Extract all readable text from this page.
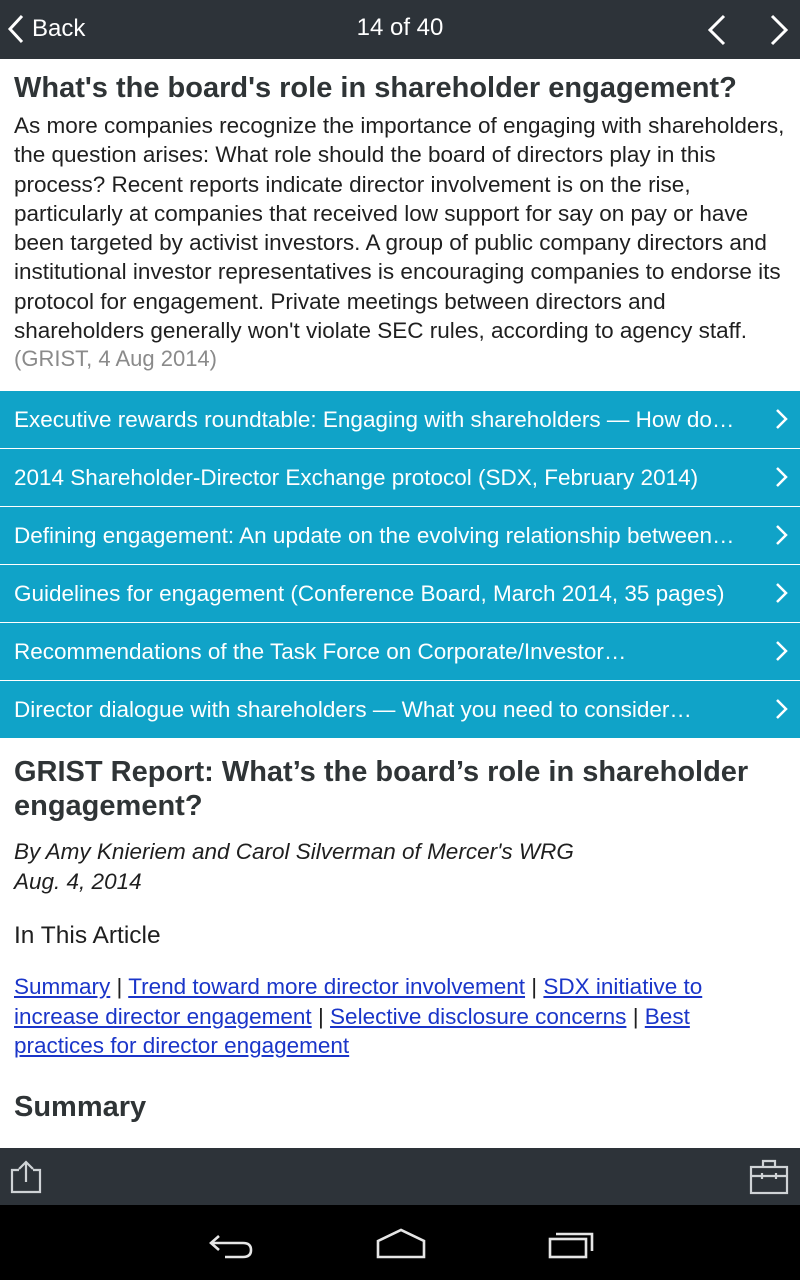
Back	14 of 40
What's the board's role in shareholder engagement?

As more companies recognize the importance of engaging with shareholders, the question arises: What role should the board of directors play in this process? Recent reports indicate director involvement is on the rise, particularly at companies that received low support for say on pay or have been targeted by activist investors. A group of public company directors and institutional investor representatives is encouraging companies to endorse its protocol for engagement. Private meetings between directors and shareholders generally won't violate SEC rules, according to agency staff.

(GRIST, 4 Aug 2014)
Executive rewards roundtable: Engaging with shareholders — How do…
2014 Shareholder-Director Exchange protocol (SDX, February 2014)
Defining engagement: An update on the evolving relationship between…
Guidelines for engagement (Conference Board, March 2014, 35 pages)
Recommendations of the Task Force on Corporate/Investor…
Director dialogue with shareholders — What you need to consider…
GRIST Report: What’s the board’s role in shareholder engagement?
By Amy Knieriem and Carol Silverman of Mercer's WRG
Aug. 4, 2014
In This Article
Summary | Trend toward more director involvement | SDX initiative to increase director engagement | Selective disclosure concerns | Best practices for director engagement
Summary
